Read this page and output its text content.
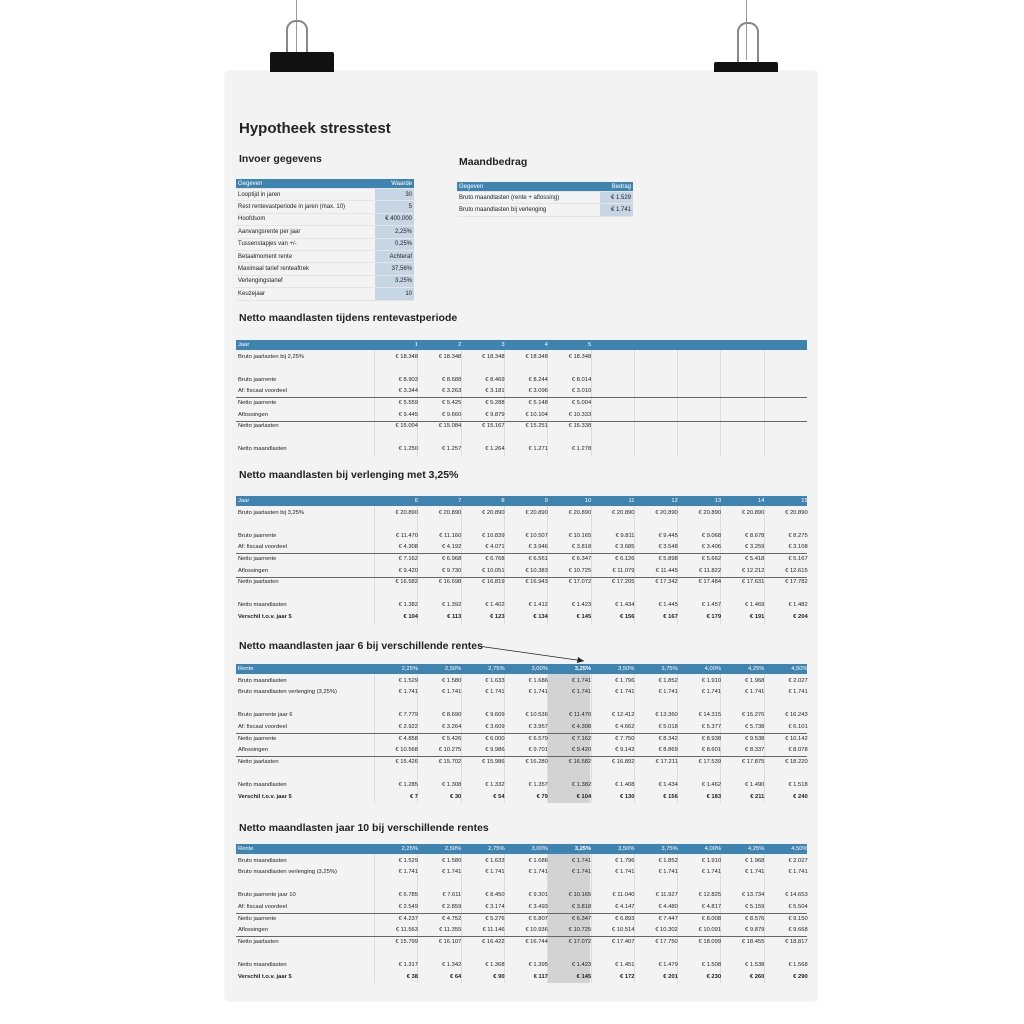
Hypotheek stresstest
Invoer gegevens	Maandbedrag
Gegeven	Waarde
Looptijd in jaren	30
Rest rentevastperiode in jaren (max. 10)	5
Hoofdsom	€ 400.000
Aanvangsrente per jaar	2,25%
Tussenstapjes van +/-	0,25%
Betaalmoment rente	Achteraf
Maximaal tarief renteaftrek	37,56%
Verlengingstarief	3,25%
Keuzejaar	10
Gegeven	Bedrag
Bruto maandlasten (rente + aflossing)	€ 1.529
Bruto maandlasten bij verlenging	€ 1.741
Netto maandlasten tijdens rentevastperiode
Jaar	1	2	3	4	5
Bruto jaarlasten bij 2,25%	€ 18.348	€ 18.348	€ 18.348	€ 18.348	€ 18.348
Bruto jaarrente	€ 8.903	€ 8.688	€ 8.469	€ 8.244	€ 8.014
Af: fiscaal voordeel	€ 3.344	€ 3.263	€ 3.181	€ 3.096	€ 3.010
Netto jaarrente	€ 5.559	€ 5.425	€ 5.288	€ 5.148	€ 5.004
Aflossingen	€ 9.445	€ 9.660	€ 9.879	€ 10.104	€ 10.333
Netto jaarlasten	€ 15.004	€ 15.084	€ 15.167	€ 15.251	€ 15.338
Netto maandlasten	€ 1.250	€ 1.257	€ 1.264	€ 1.271	€ 1.278
Netto maandlasten bij verlenging met 3,25%
Jaar	6	7	8	9	10	11	12	13	14	15
Bruto jaarlasten bij 3,25%	€ 20.890	€ 20.890	€ 20.890	€ 20.890	€ 20.890	€ 20.890	€ 20.890	€ 20.890	€ 20.890	€ 20.890
Bruto jaarrente	€ 11.470	€ 11.160	€ 10.839	€ 10.507	€ 10.165	€ 9.811	€ 9.445	€ 9.068	€ 8.678	€ 8.275
Af: fiscaal voordeel	€ 4.308	€ 4.192	€ 4.071	€ 3.946	€ 3.818	€ 3.685	€ 3.548	€ 3.406	€ 3.259	€ 3.108
Netto jaarrente	€ 7.162	€ 6.968	€ 6.768	€ 6.561	€ 6.347	€ 6.126	€ 5.898	€ 5.662	€ 5.418	€ 5.167
Aflossingen	€ 9.420	€ 9.730	€ 10.051	€ 10.383	€ 10.725	€ 11.079	€ 11.445	€ 11.822	€ 12.212	€ 12.615
Netto jaarlasten	€ 16.582	€ 16.698	€ 16.819	€ 16.943	€ 17.072	€ 17.205	€ 17.342	€ 17.484	€ 17.631	€ 17.782
Netto maandlasten	€ 1.382	€ 1.392	€ 1.402	€ 1.412	€ 1.423	€ 1.434	€ 1.445	€ 1.457	€ 1.469	€ 1.482
Verschil t.o.v. jaar 5	€ 104	€ 113	€ 123	€ 134	€ 145	€ 156	€ 167	€ 179	€ 191	€ 204
Netto maandlasten jaar 6 bij verschillende rentes
Rente	2,25%	2,50%	2,75%	3,00%	3,25%	3,50%	3,75%	4,00%	4,25%	4,50%
Bruto maandlasten	€ 1.529	€ 1.580	€ 1.633	€ 1.686	€ 1.741	€ 1.796	€ 1.852	€ 1.910	€ 1.968	€ 2.027
Bruto maandlasten verlenging (3,25%)	€ 1.741	€ 1.741	€ 1.741	€ 1.741	€ 1.741	€ 1.741	€ 1.741	€ 1.741	€ 1.741	€ 1.741
Bruto jaarrente jaar 6	€ 7.779	€ 8.690	€ 9.609	€ 10.536	€ 11.470	€ 12.412	€ 13.360	€ 14.315	€ 15.276	€ 16.243
Af: fiscaal voordeel	€ 2.922	€ 3.264	€ 3.609	€ 3.957	€ 4.308	€ 4.662	€ 5.018	€ 5.377	€ 5.738	€ 6.101
Netto jaarrente	€ 4.858	€ 5.426	€ 6.000	€ 6.579	€ 7.162	€ 7.750	€ 8.342	€ 8.938	€ 9.538	€ 10.142
Aflossingen	€ 10.568	€ 10.275	€ 9.986	€ 9.701	€ 9.420	€ 9.142	€ 8.869	€ 8.601	€ 8.337	€ 8.078
Netto jaarlasten	€ 15.426	€ 15.702	€ 15.986	€ 16.280	€ 16.582	€ 16.892	€ 17.211	€ 17.539	€ 17.875	€ 18.220
Netto maandlasten	€ 1.285	€ 1.308	€ 1.332	€ 1.357	€ 1.382	€ 1.408	€ 1.434	€ 1.462	€ 1.490	€ 1.518
Verschil t.o.v. jaar 5	€ 7	€ 30	€ 54	€ 79	€ 104	€ 130	€ 156	€ 183	€ 211	€ 240
Netto maandlasten jaar 10 bij verschillende rentes
Rente	2,25%	2,50%	2,75%	3,00%	3,25%	3,50%	3,75%	4,00%	4,25%	4,50%
Bruto maandlasten	€ 1.529	€ 1.580	€ 1.633	€ 1.686	€ 1.741	€ 1.796	€ 1.852	€ 1.910	€ 1.968	€ 2.027
Bruto maandlasten verlenging (3,25%)	€ 1.741	€ 1.741	€ 1.741	€ 1.741	€ 1.741	€ 1.741	€ 1.741	€ 1.741	€ 1.741	€ 1.741
Bruto jaarrente jaar 10	€ 6.785	€ 7.611	€ 8.450	€ 9.301	€ 10.165	€ 11.040	€ 11.927	€ 12.825	€ 13.734	€ 14.653
Af: fiscaal voordeel	€ 2.549	€ 2.859	€ 3.174	€ 3.493	€ 3.818	€ 4.147	€ 4.480	€ 4.817	€ 5.159	€ 5.504
Netto jaarrente	€ 4.237	€ 4.752	€ 5.276	€ 5.807	€ 6.347	€ 6.893	€ 7.447	€ 8.008	€ 8.576	€ 9.150
Aflossingen	€ 11.563	€ 11.355	€ 11.146	€ 10.936	€ 10.725	€ 10.514	€ 10.302	€ 10.091	€ 9.879	€ 9.668
Netto jaarlasten	€ 15.799	€ 16.107	€ 16.422	€ 16.744	€ 17.072	€ 17.407	€ 17.750	€ 18.099	€ 18.455	€ 18.817
Netto maandlasten	€ 1.317	€ 1.342	€ 1.368	€ 1.395	€ 1.423	€ 1.451	€ 1.479	€ 1.508	€ 1.538	€ 1.568
Verschil t.o.v. jaar 5	€ 38	€ 64	€ 90	€ 117	€ 145	€ 172	€ 201	€ 230	€ 260	€ 290
